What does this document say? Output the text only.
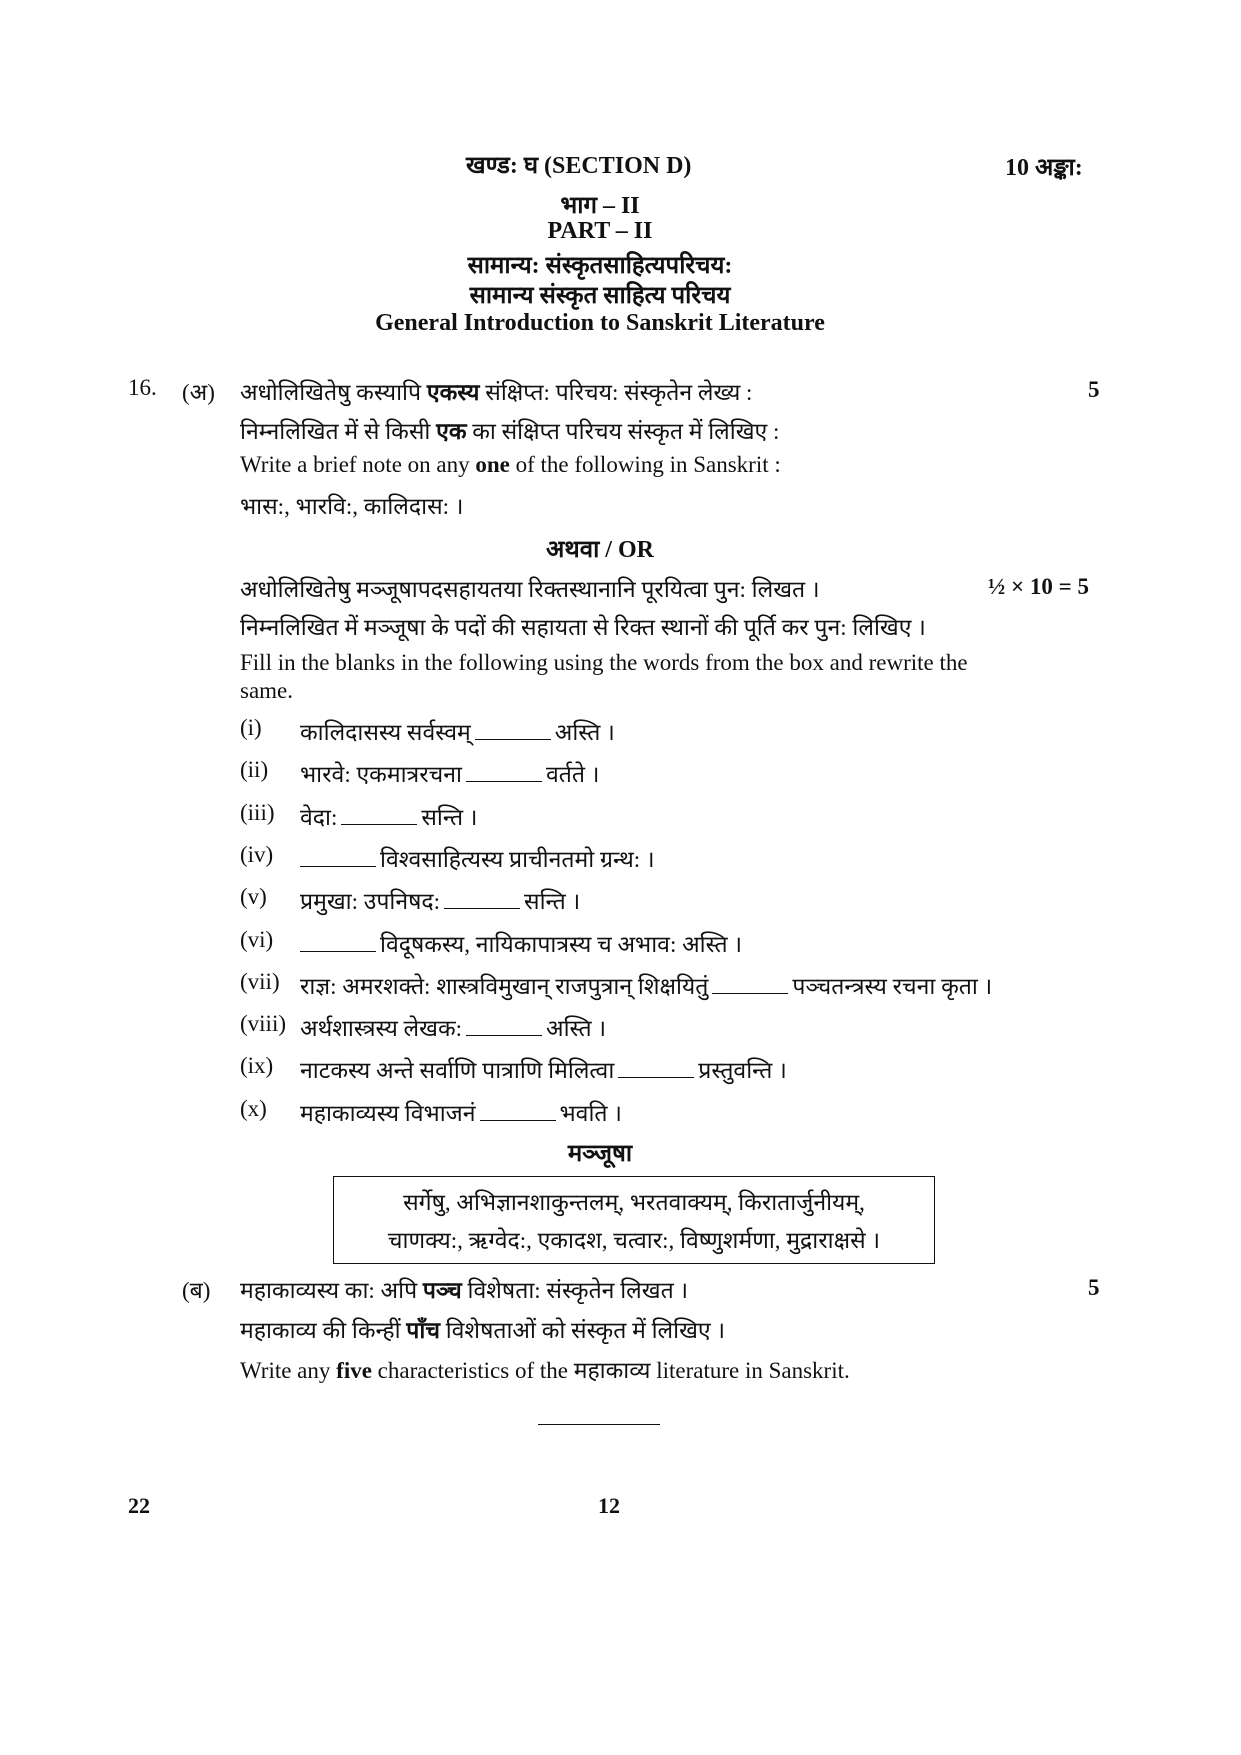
खण्ड: घ (SECTION D)	10 अङ्का:
भाग – II
PART – II
सामान्य: संस्कृतसाहित्यपरिचय:
सामान्य संस्कृत साहित्य परिचय
General Introduction to Sanskrit Literature
16. (अ) अधोलिखितेषु कस्यापि एकस्य संक्षिप्त: परिचय: संस्कृतेन लेख्य :	5
निम्नलिखित में से किसी एक का संक्षिप्त परिचय संस्कृत में लिखिए :
Write a brief note on any one of the following in Sanskrit :
भास:, भारवि:, कालिदास: ।
अथवा / OR
अधोलिखितेषु मञ्जूषापदसहायतया रिक्तस्थानानि पूरयित्वा पुन: लिखत ।	½ × 10 = 5
निम्नलिखित में मञ्जूषा के पदों की सहायता से रिक्त स्थानों की पूर्ति कर पुन: लिखिए ।
Fill in the blanks in the following using the words from the box and rewrite the
same.
(i) कालिदासस्य सर्वस्वम्	अस्ति ।
(ii) भारवे: एकमात्ररचना	वर्तते ।
(iii) वेदा:	सन्ति ।
(iv)	विश्वसाहित्यस्य प्राचीनतमो ग्रन्थ: ।
(v) प्रमुखा: उपनिषद:	सन्ति ।
(vi)	विदूषकस्य, नायिकापात्रस्य च अभाव: अस्ति ।
(vii) राज्ञ: अमरशक्ते: शास्त्रविमुखान् राजपुत्रान् शिक्षयितुं	पञ्चतन्त्रस्य रचना कृता ।
(viii) अर्थशास्त्रस्य लेखक:	अस्ति ।
(ix) नाटकस्य अन्ते सर्वाणि पात्राणि मिलित्वा	प्रस्तुवन्ति ।
(x) महाकाव्यस्य विभाजनं	भवति ।
मञ्जूषा
सर्गेषु, अभिज्ञानशाकुन्तलम्, भरतवाक्यम्, किरातार्जुनीयम्,
चाणक्य:, ऋग्वेद:, एकादश, चत्वार:, विष्णुशर्मणा, मुद्राराक्षसे ।
(ब) महाकाव्यस्य का: अपि पञ्च विशेषता: संस्कृतेन लिखत ।	5
महाकाव्य की किन्हीं पाँच विशेषताओं को संस्कृत में लिखिए ।
Write any five characteristics of the महाकाव्य literature in Sanskrit.
22	12
